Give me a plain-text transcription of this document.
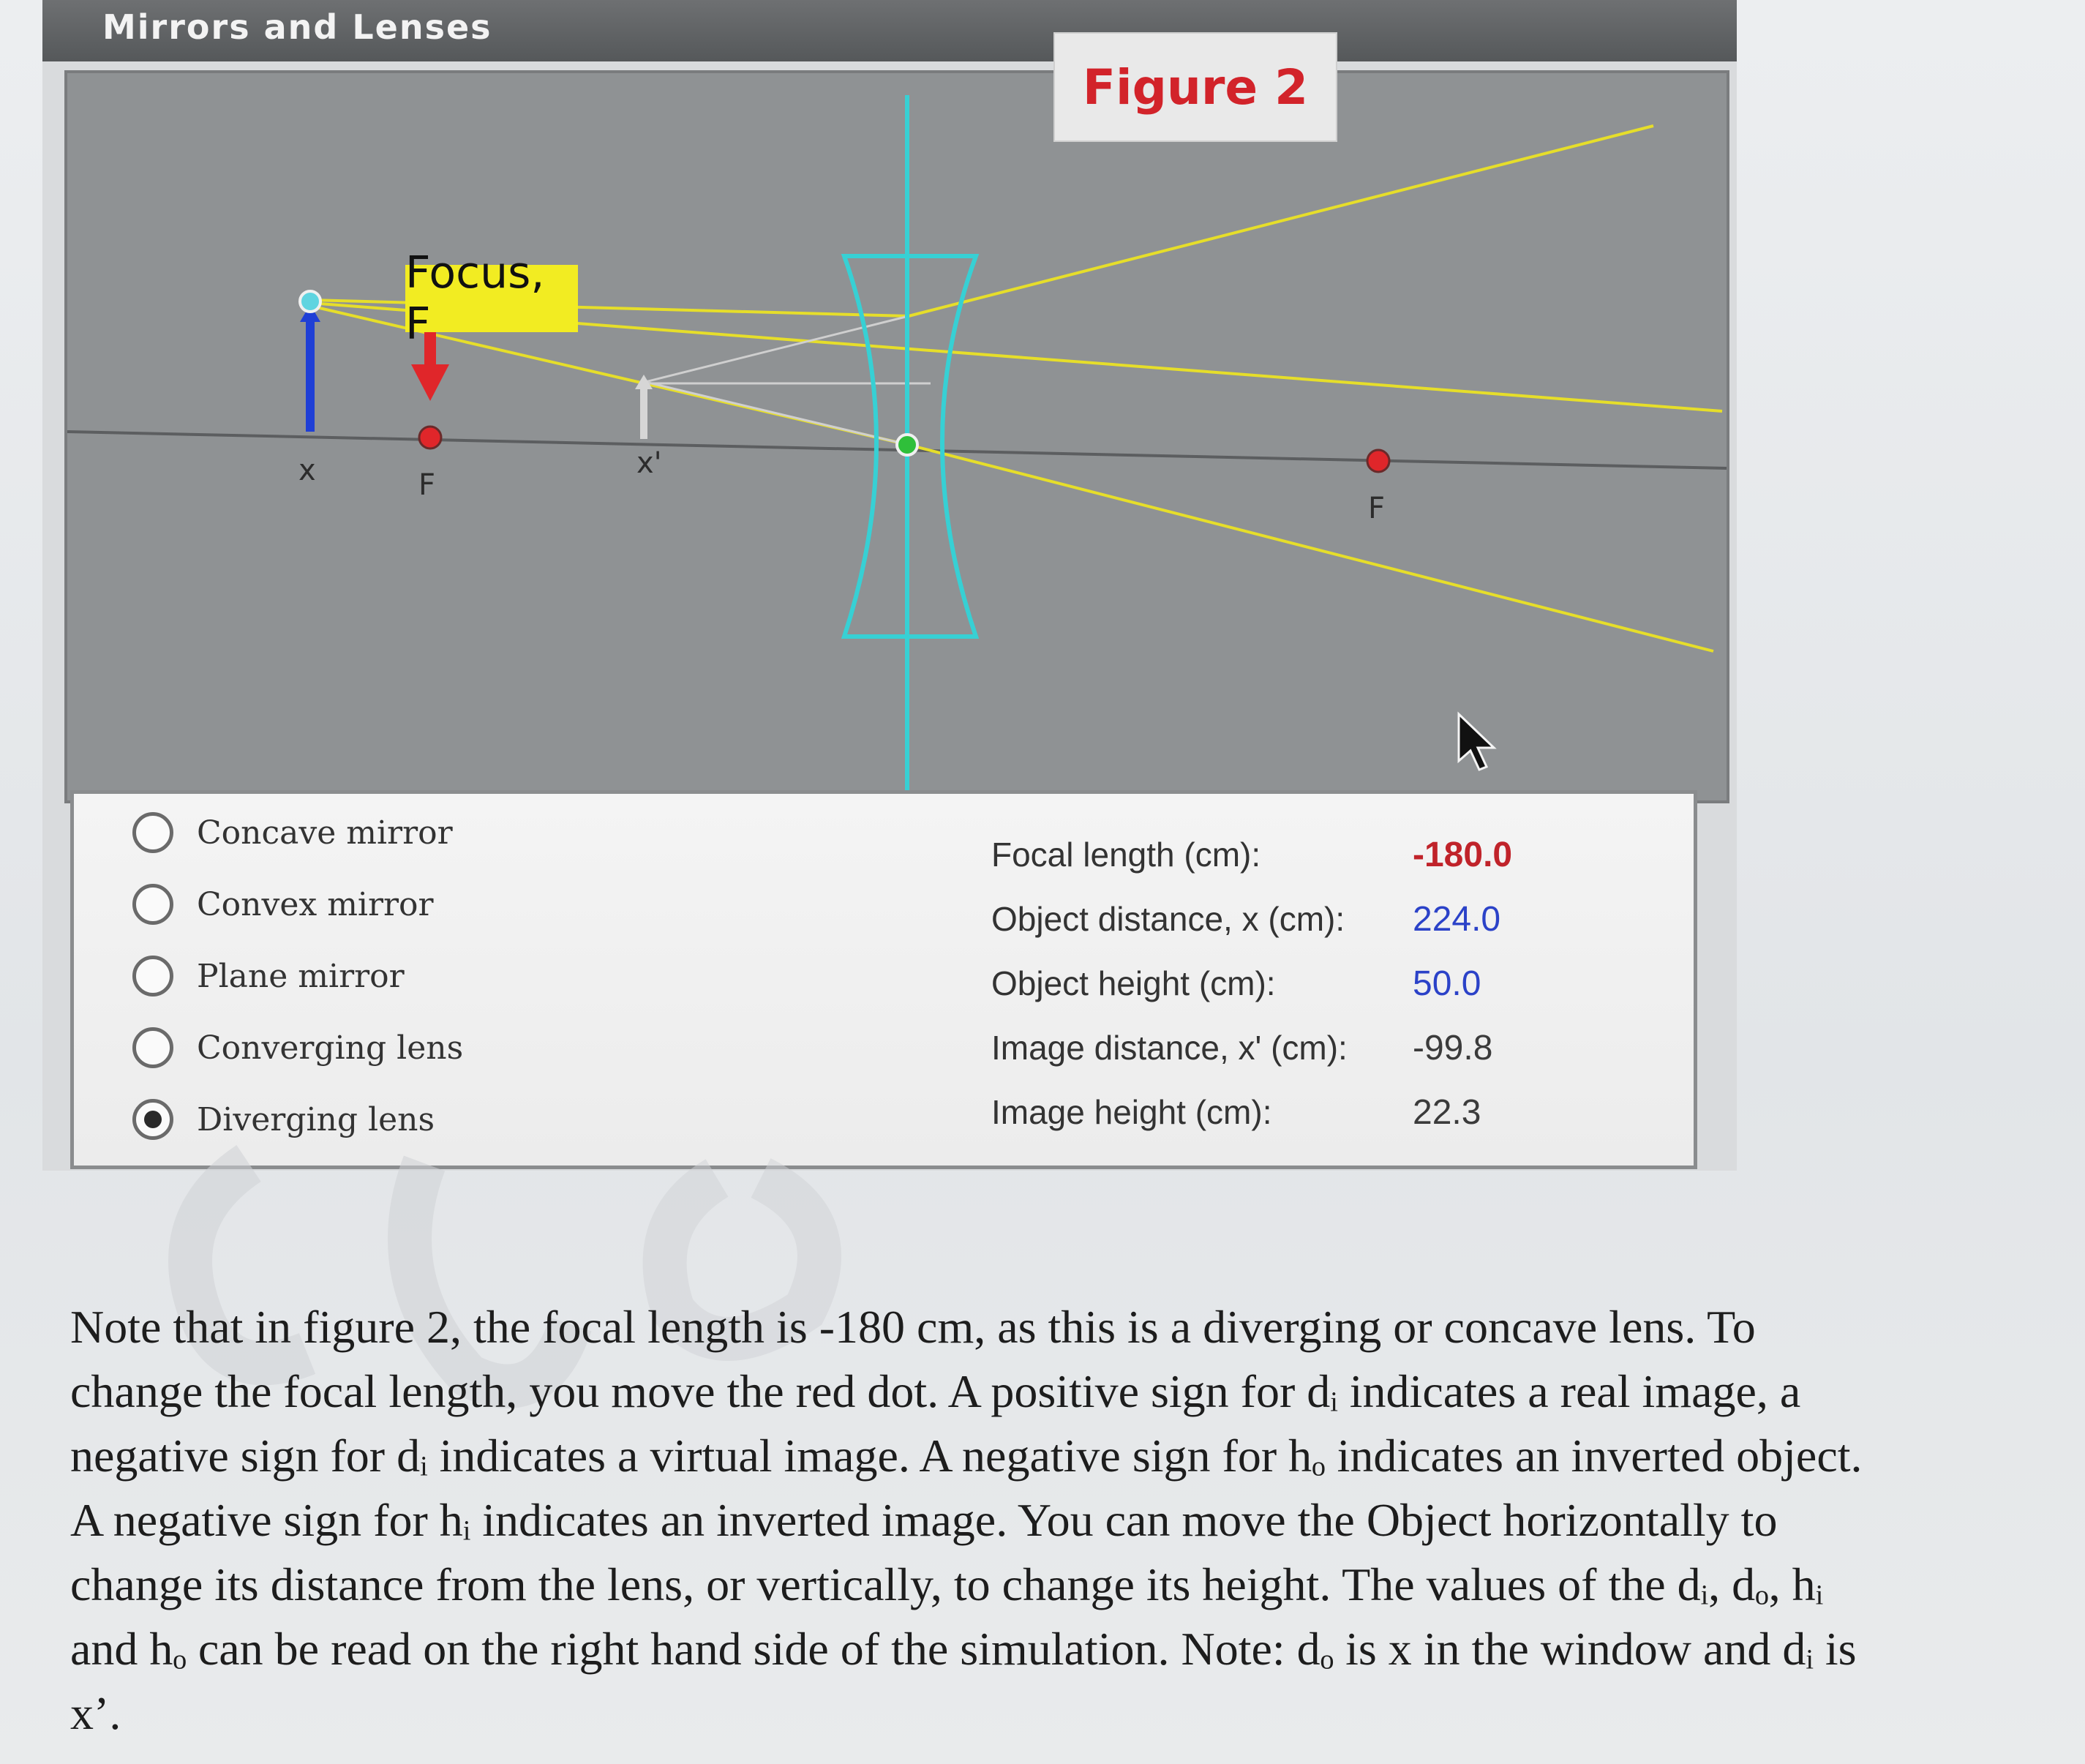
Mirrors and Lenses
Focus, F
x	F
x'
F
Figure 2
Concave mirror
Convex mirror
Plane mirror
Converging lens
Diverging lens
Focal length (cm):	-180.0
Object distance, x (cm): 224.0
Object height (cm):	50.0
Image distance, x' (cm): -99.8
Image height (cm):	22.3
Note that in figure 2, the focal length is -180 cm, as this is a diverging or concave lens. To
change the focal length, you move the red dot. A positive sign for dᵢ indicates a real image, a
negative sign for dᵢ indicates a virtual image. A negative sign for hₒ indicates an inverted object.
A negative sign for hᵢ indicates an inverted image. You can move the Object horizontally to
change its distance from the lens, or vertically, to change its height. The values of the dᵢ, dₒ, hᵢ
and hₒ can be read on the right hand side of the simulation. Note: dₒ is x in the window and dᵢ is
x’.
